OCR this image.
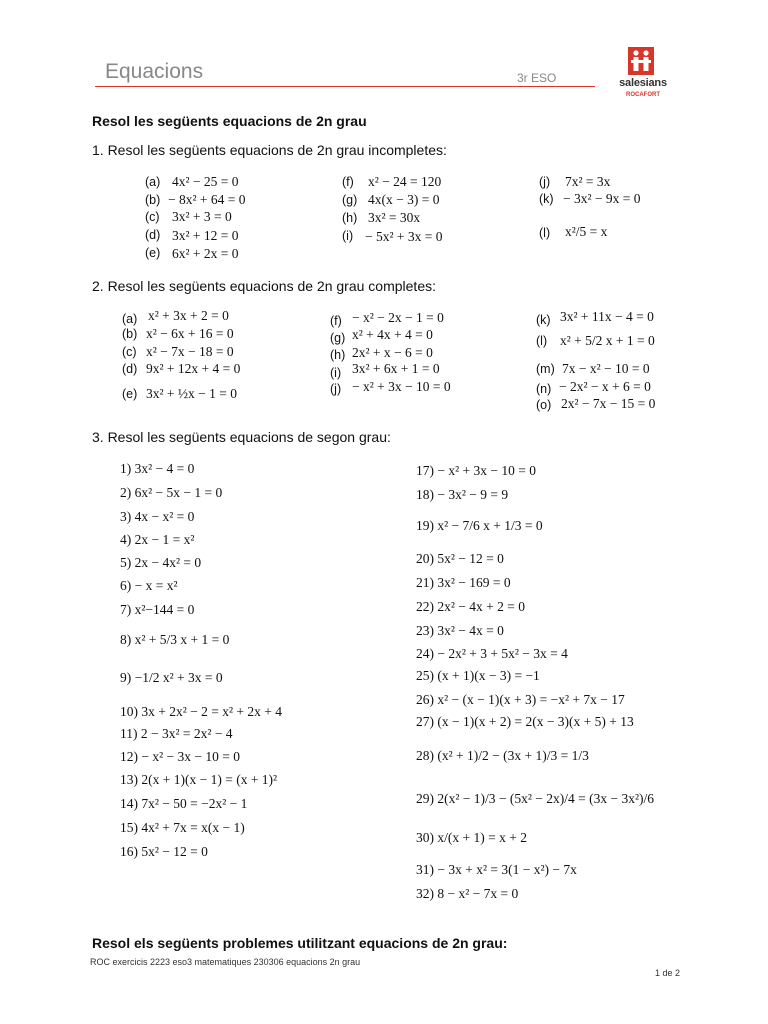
Equacions	3r ESO	salesians
ROCAFORT
Resol les següents equacions de 2n grau
1. Resol les següents equacions de 2n grau incompletes:
(a) 4x² − 25 = 0
(b) − 8x² + 64 = 0
(c) 3x² + 3 = 0
(d) 3x² + 12 = 0
(e) 6x² + 2x = 0
(f) x² − 24 = 120
(g) 4x(x − 3) = 0
(h) 3x² = 30x
(i) − 5x² + 3x = 0
(j) 7x² = 3x
(k) − 3x² − 9x = 0
(l) x²/5 = x
2. Resol les següents equacions de 2n grau completes:
(a) x² + 3x + 2 = 0
(b) x² − 6x + 16 = 0
(c) x² − 7x − 18 = 0
(d) 9x² + 12x + 4 = 0
(e) 3x² + ½x − 1 = 0
(f) − x² − 2x − 1 = 0
(g) x² + 4x + 4 = 0
(h) 2x² + x − 6 = 0
(i) 3x² + 6x + 1 = 0
(j) − x² + 3x − 10 = 0
(k) 3x² + 11x − 4 = 0
(l) x² + 5/2 x + 1 = 0
(m) 7x − x² − 10 = 0
(n) − 2x² − x + 6 = 0
(o) 2x² − 7x − 15 = 0
3. Resol les següents equacions de segon grau:
1) 3x² − 4 = 0
2) 6x² − 5x − 1 = 0
3) 4x − x² = 0
4) 2x − 1 = x²
5) 2x − 4x² = 0
6) − x = x²
7) x²−144 = 0
8) x² + 5/3 x + 1 = 0
9) −1/2 x² + 3x = 0
10) 3x + 2x² − 2 = x² + 2x + 4
11) 2 − 3x² = 2x² − 4
12) − x² − 3x − 10 = 0
13) 2(x + 1)(x − 1) = (x + 1)²
14) 7x² − 50 = −2x² − 1
15) 4x² + 7x = x(x − 1)
16) 5x² − 12 = 0
17) − x² + 3x − 10 = 0
18) − 3x² − 9 = 9
19) x² − 7/6 x + 1/3 = 0
20) 5x² − 12 = 0
21) 3x² − 169 = 0
22) 2x² − 4x + 2 = 0
23) 3x² − 4x = 0
24) − 2x² + 3 + 5x² − 3x = 4
25) (x + 1)(x − 3) = −1
26) x² − (x − 1)(x + 3) = −x² + 7x − 17
27) (x − 1)(x + 2) = 2(x − 3)(x + 5) + 13
28) (x² + 1)/2 − (3x + 1)/3 = 1/3
29) 2(x² − 1)/3 − (5x² − 2x)/4 = (3x − 3x²)/6
30) x/(x + 1) = x + 2
31) − 3x + x² = 3(1 − x²) − 7x
32) 8 − x² − 7x = 0
Resol els següents problemes utilitzant equacions de 2n grau:
ROC exercicis 2223 eso3 matematiques 230306 equacions 2n grau
1 de 2
